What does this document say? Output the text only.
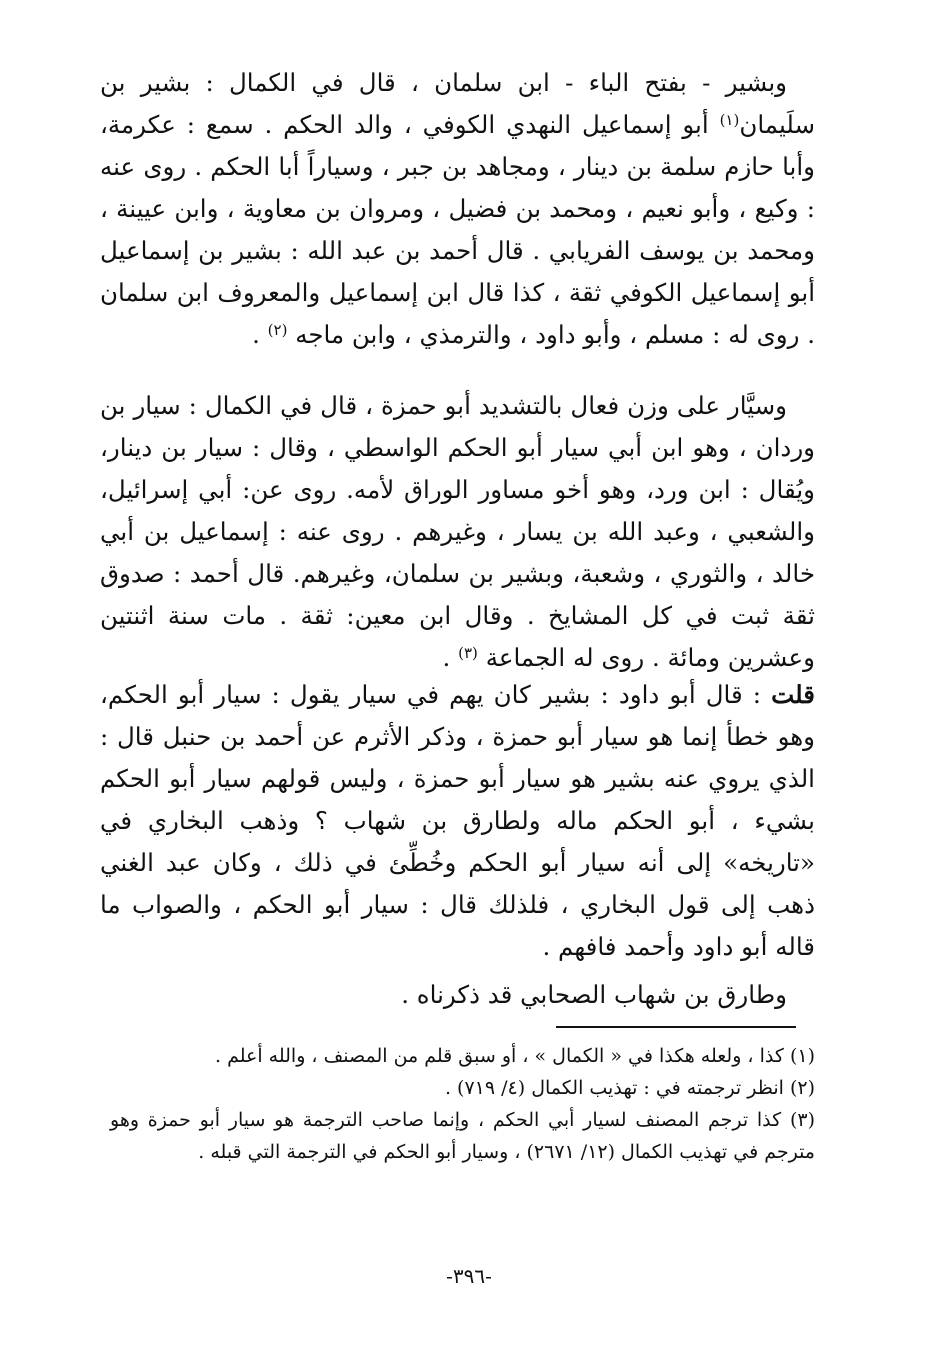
وبشير - بفتح الباء - ابن سلمان ، قال في الكمال : بشير بن سلَيمان$^{(١)}$ أبو إسماعيل النهدي الكوفي ، والد الحكم . سمع : عكرمة، وأبا حازم سلمة بن دينار ، ومجاهد بن جبر ، وسياراً أبا الحكم . روى عنه : وكيع ، وأبو نعيم ، ومحمد بن فضيل ، ومروان بن معاوية ، وابن عيينة ، ومحمد بن يوسف الفريابي . قال أحمد بن عبد الله : بشير بن إسماعيل أبو إسماعيل الكوفي ثقة ، كذا قال ابن إسماعيل والمعروف ابن سلمان . روى له : مسلم ، وأبو داود ، والترمذي ، وابن ماجه $^{(٢)}$ .

وسيَّار على وزن فعال بالتشديد أبو حمزة ، قال في الكمال : سيار بن وردان ، وهو ابن أبي سيار أبو الحكم الواسطي ، وقال : سيار بن دينار، ويُقال : ابن ورد، وهو أخو مساور الوراق لأمه. روى عن: أبي إسرائيل، والشعبي ، وعبد الله بن يسار ، وغيرهم . روى عنه : إسماعيل بن أبي خالد ، والثوري ، وشعبة، وبشير بن سلمان، وغيرهم. قال أحمد : صدوق ثقة ثبت في كل المشايخ . وقال ابن معين: ثقة . مات سنة اثنتين وعشرين ومائة . روى له الجماعة $^{(٣)}$ .

قلت : قال أبو داود : بشير كان يهم في سيار يقول : سيار أبو الحكم، وهو خطأ إنما هو سيار أبو حمزة ، وذكر الأثرم عن أحمد بن حنبل قال : الذي يروي عنه بشير هو سيار أبو حمزة ، وليس قولهم سيار أبو الحكم بشيء ، أبو الحكم ماله ولطارق بن شهاب ؟ وذهب البخاري في «تاريخه» إلى أنه سيار أبو الحكم وخُطِّئ في ذلك ، وكان عبد الغني ذهب إلى قول البخاري ، فلذلك قال : سيار أبو الحكم ، والصواب ما قاله أبو داود وأحمد فافهم .

وطارق بن شهاب الصحابي قد ذكرناه .

(١) كذا ، ولعله هكذا في « الكمال » ، أو سبق قلم من المصنف ، والله أعلم .

(٢) انظر ترجمته في : تهذيب الكمال (٤/ ٧١٩) .

(٣) كذا ترجم المصنف لسيار أبي الحكم ، وإنما صاحب الترجمة هو سيار أبو حمزة وهو مترجم في تهذيب الكمال (١٢/ ٢٦٧١) ، وسيار أبو الحكم في الترجمة التي قبله .

-٣٩٦-
